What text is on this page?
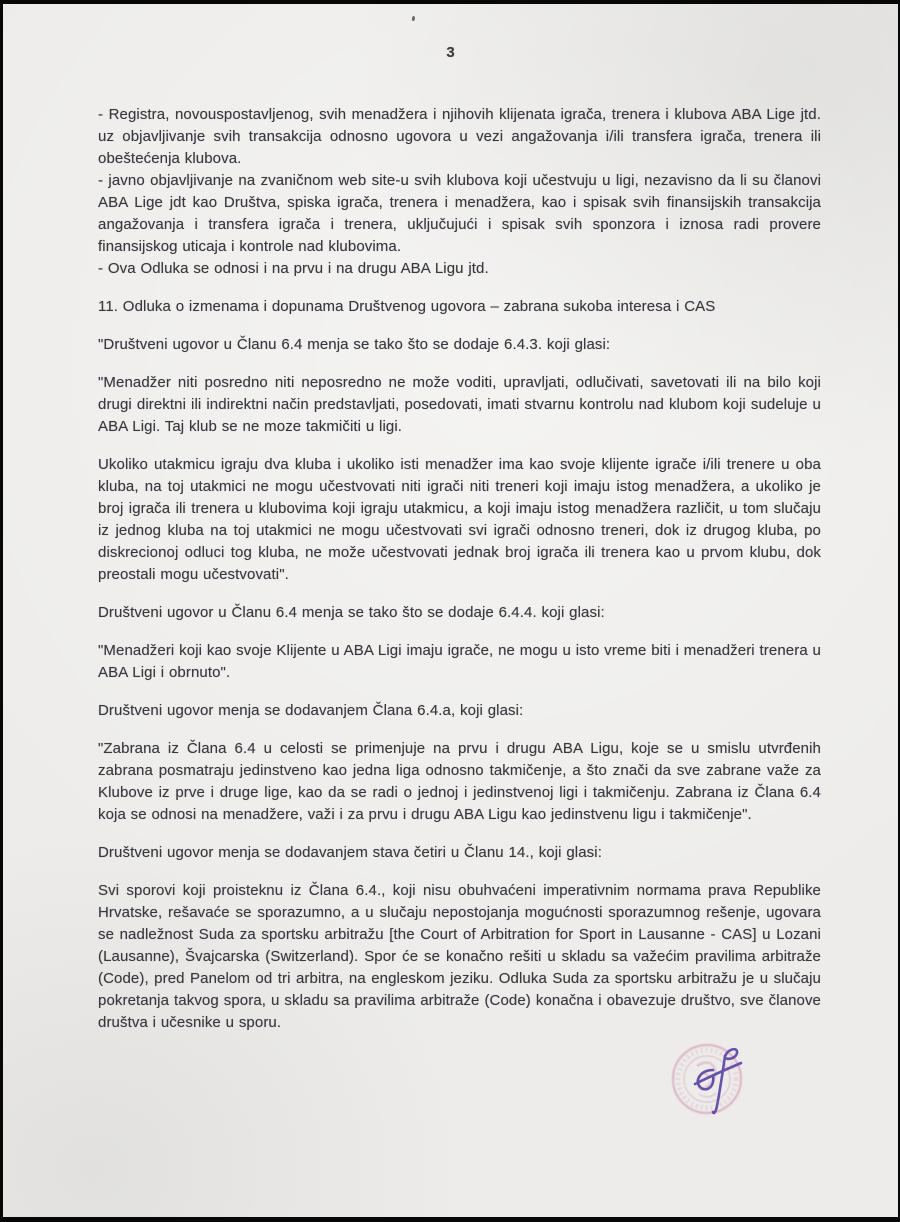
3

- Registra, novouspostavljenog, svih menadžera i njihovih klijenata igrača, trenera i klubova ABA Lige jtd. uz objavljivanje svih transakcija odnosno ugovora u vezi angažovanja i/ili transfera igrača, trenera ili obeštećenja klubova.

- javno objavljivanje na zvaničnom web site-u svih klubova koji učestvuju u ligi, nezavisno da li su članovi ABA Lige jdt kao Društva, spiska igrača, trenera i menadžera, kao i spisak svih finansijskih transakcija angažovanja i transfera igrača i trenera, uključujući i spisak svih sponzora i iznosa radi provere finansijskog uticaja i kontrole nad klubovima.

- Ova Odluka se odnosi i na prvu i na drugu ABA Ligu jtd.

11. Odluka o izmenama i dopunama Društvenog ugovora – zabrana sukoba interesa i CAS

"Društveni ugovor u Članu 6.4 menja se tako što se dodaje 6.4.3. koji glasi:

"Menadžer niti posredno niti neposredno ne može voditi, upravljati, odlučivati, savetovati ili na bilo koji drugi direktni ili indirektni način predstavljati, posedovati, imati stvarnu kontrolu nad klubom koji sudeluje u ABA Ligi. Taj klub se ne moze takmičiti u ligi.

Ukoliko utakmicu igraju dva kluba i ukoliko isti menadžer ima kao svoje klijente igrače i/ili trenere u oba kluba, na toj utakmici ne mogu učestvovati niti igrači niti treneri koji imaju istog menadžera, a ukoliko je broj igrača ili trenera u klubovima koji igraju utakmicu, a koji imaju istog menadžera različit, u tom slučaju iz jednog kluba na toj utakmici ne mogu učestvovati svi igrači odnosno treneri, dok iz drugog kluba, po diskrecionoj odluci tog kluba, ne može učestvovati jednak broj igrača ili trenera kao u prvom klubu, dok preostali mogu učestvovati".

Društveni ugovor u Članu 6.4 menja se tako što se dodaje 6.4.4. koji glasi:

"Menadžeri koji kao svoje Klijente u ABA Ligi imaju igrače, ne mogu u isto vreme biti i menadžeri trenera u ABA Ligi i obrnuto".

Društveni ugovor menja se dodavanjem Člana 6.4.a, koji glasi:

"Zabrana iz Člana 6.4 u celosti se primenjuje na prvu i drugu ABA Ligu, koje se u smislu utvrđenih zabrana posmatraju jedinstveno kao jedna liga odnosno takmičenje, a što znači da sve zabrane važe za Klubove iz prve i druge lige, kao da se radi o jednoj i jedinstvenoj ligi i takmičenju. Zabrana iz Člana 6.4 koja se odnosi na menadžere, važi i za prvu i drugu ABA Ligu kao jedinstvenu ligu i takmičenje".

Društveni ugovor menja se dodavanjem stava četiri u Članu 14., koji glasi:

Svi sporovi koji proisteknu iz Člana 6.4., koji nisu obuhvaćeni imperativnim normama prava Republike Hrvatske, rešavaće se sporazumno, a u slučaju nepostojanja mogućnosti sporazumnog rešenje, ugovara se nadležnost Suda za sportsku arbitražu [the Court of Arbitration for Sport in Lausanne - CAS] u Lozani (Lausanne), Švajcarska (Switzerland). Spor će se konačno rešiti u skladu sa važećim pravilima arbitraže (Code), pred Panelom od tri arbitra, na engleskom jeziku. Odluka Suda za sportsku arbitražu je u slučaju pokretanja takvog spora, u skladu sa pravilima arbitraže (Code) konačna i obavezuje društvo, sve članove društva i učesnike u sporu.
